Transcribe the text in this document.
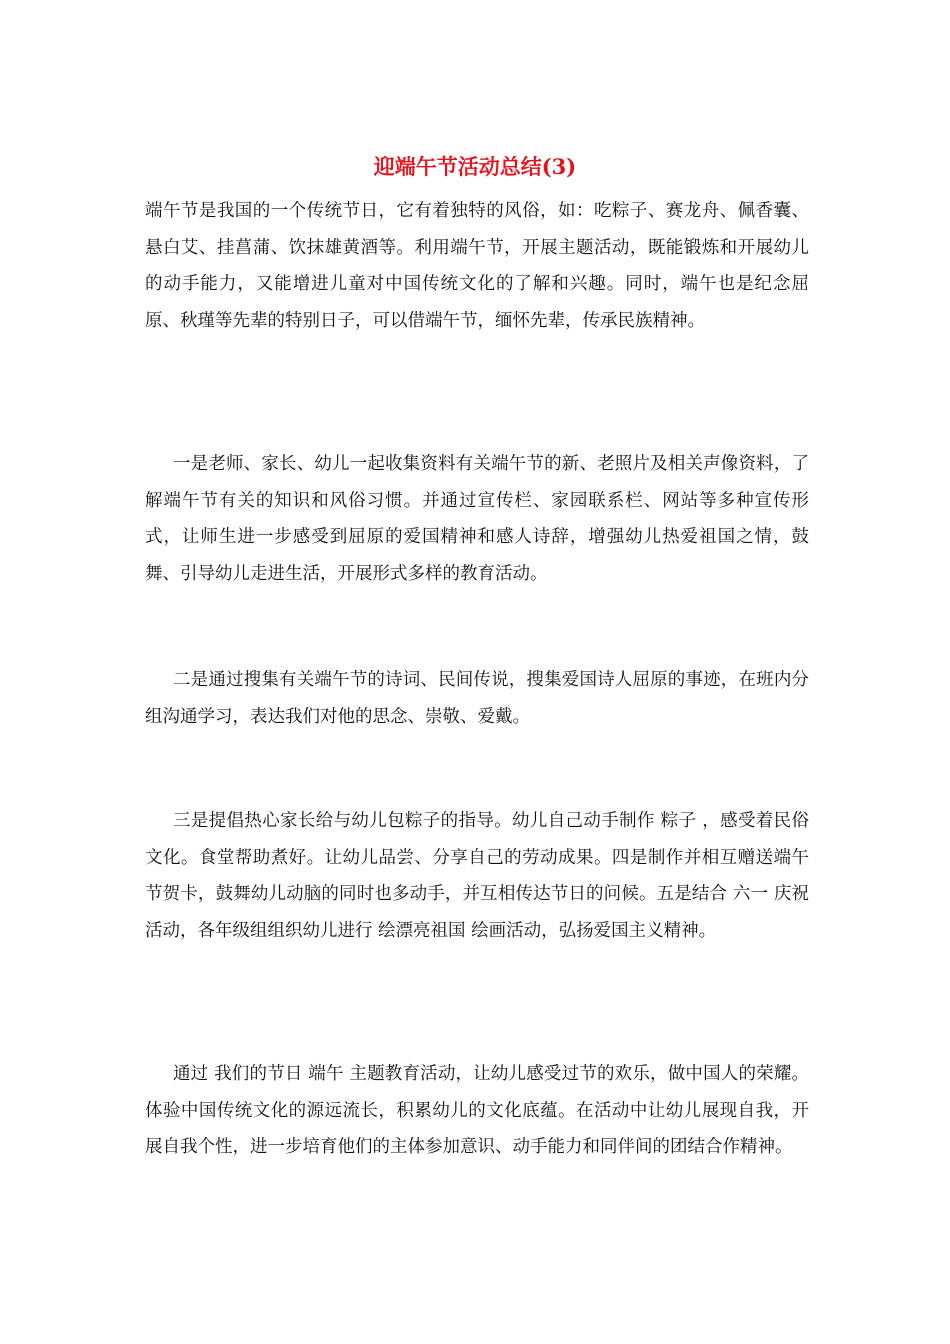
迎端午节活动总结(3)

端午节是我国的一个传统节日，它有着独特的风俗，如：吃粽子、赛龙舟、佩香囊、悬白艾、挂菖蒲、饮抹雄黄酒等。利用端午节，开展主题活动，既能锻炼和开展幼儿的动手能力，又能增进儿童对中国传统文化的了解和兴趣。同时，端午也是纪念屈原、秋瑾等先辈的特别日子，可以借端午节，缅怀先辈，传承民族精神。

一是老师、家长、幼儿一起收集资料有关端午节的新、老照片及相关声像资料，了解端午节有关的知识和风俗习惯。并通过宣传栏、家园联系栏、网站等多种宣传形式，让师生进一步感受到屈原的爱国精神和感人诗辞，增强幼儿热爱祖国之情，鼓舞、引导幼儿走进生活，开展形式多样的教育活动。

二是通过搜集有关端午节的诗词、民间传说，搜集爱国诗人屈原的事迹，在班内分组沟通学习，表达我们对他的思念、崇敬、爱戴。

三是提倡热心家长给与幼儿包粽子的指导。幼儿自己动手制作 粽子 ，感受着民俗文化。食堂帮助煮好。让幼儿品尝、分享自己的劳动成果。四是制作并相互赠送端午节贺卡，鼓舞幼儿动脑的同时也多动手，并互相传达节日的问候。五是结合 六一 庆祝活动，各年级组组织幼儿进行 绘漂亮祖国 绘画活动，弘扬爱国主义精神。

通过 我们的节日 端午 主题教育活动，让幼儿感受过节的欢乐，做中国人的荣耀。体验中国传统文化的源远流长，积累幼儿的文化底蕴。在活动中让幼儿展现自我，开展自我个性，进一步培育他们的主体参加意识、动手能力和同伴间的团结合作精神。
